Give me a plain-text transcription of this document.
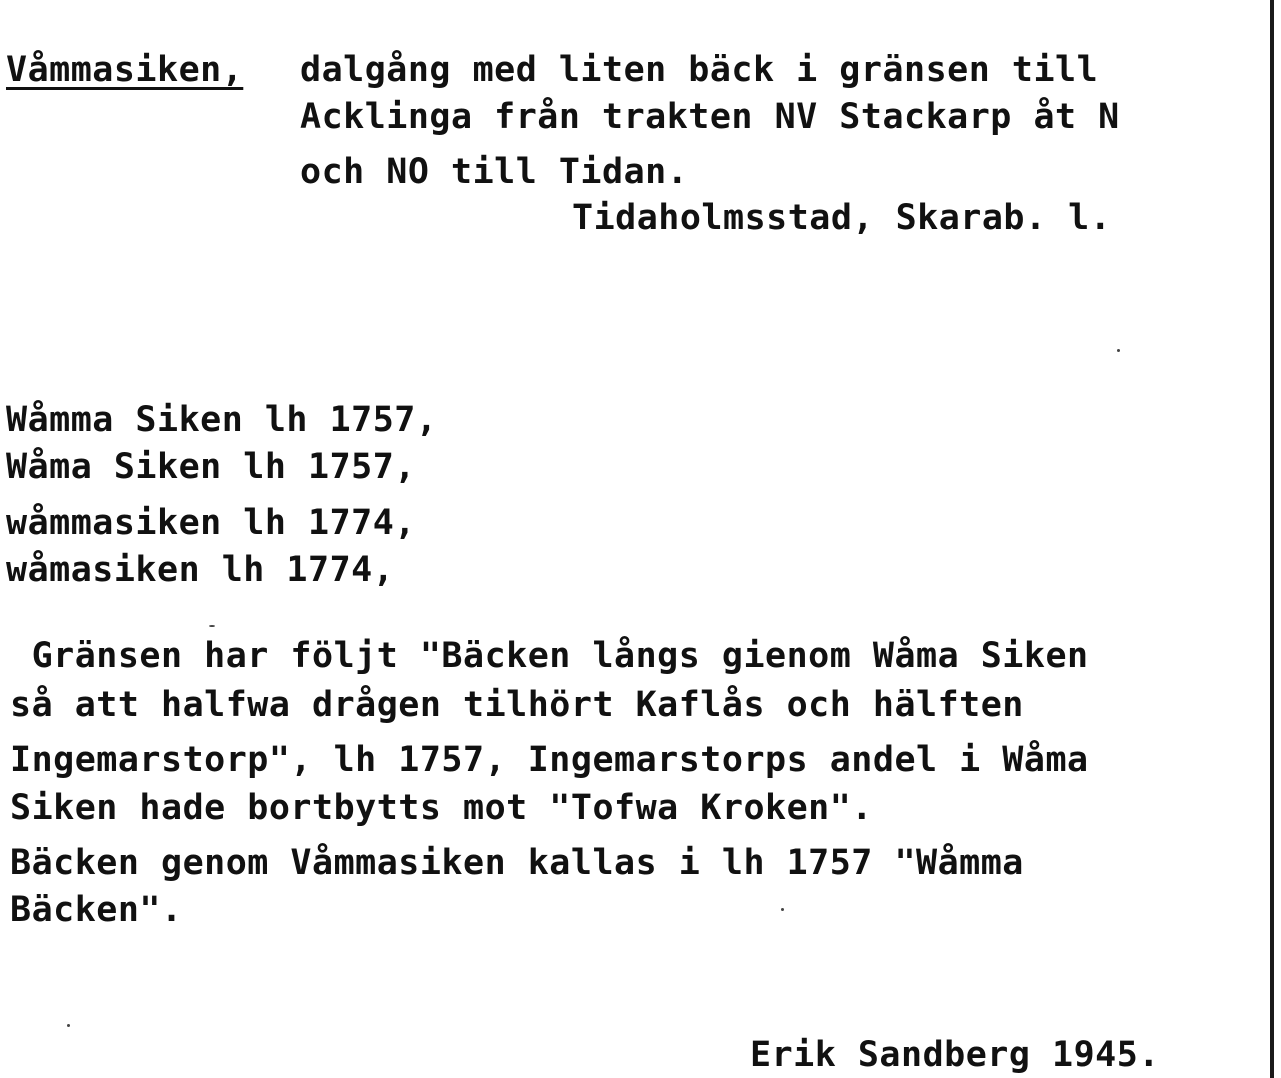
Våmmasiken, dalgång med liten bäck i gränsen till
Acklinga från trakten NV Stackarp åt N
och NO till Tidan.
Tidaholmsstad, Skarab. l.
Wåmma Siken lh 1757,
Wåma Siken lh 1757,
wåmmasiken lh 1774,
wåmasiken lh 1774,
Gränsen har följt "Bäcken långs gienom Wåma Siken
så att halfwa drågen tilhört Kaflås och hälften
Ingemarstorp", lh 1757, Ingemarstorps andel i Wåma
Siken hade bortbytts mot "Tofwa Kroken".
Bäcken genom Våmmasiken kallas i lh 1757 "Wåmma
Bäcken".
Erik Sandberg 1945.
